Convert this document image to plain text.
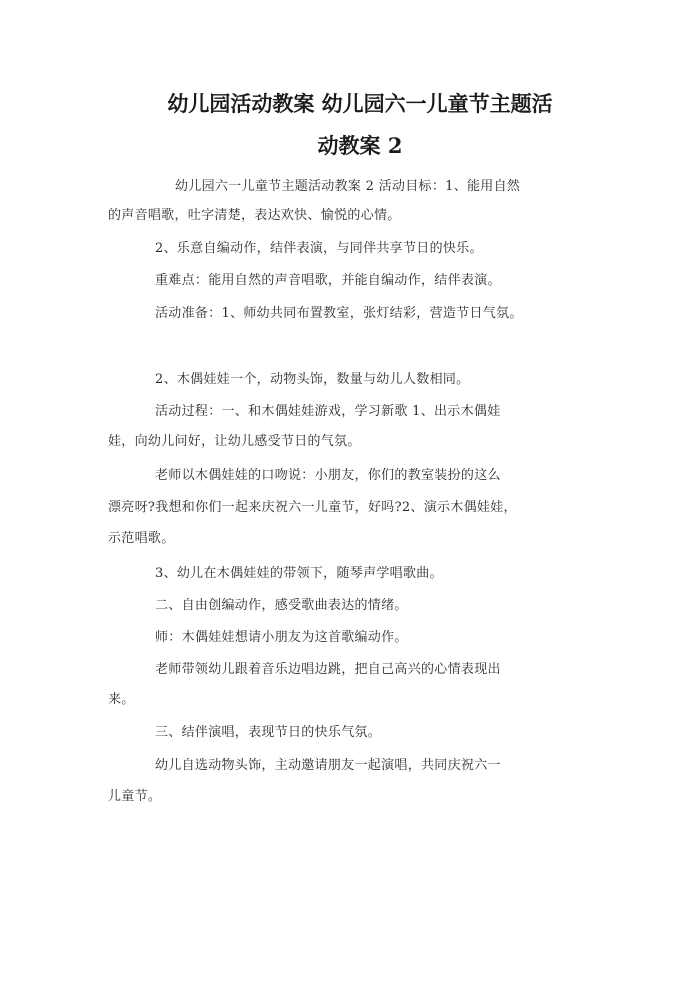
幼儿园活动教案 幼儿园六一儿童节主题活
动教案 2
幼儿园六一儿童节主题活动教案 2 活动目标：1、能用自然
的声音唱歌，吐字清楚，表达欢快、愉悦的心情。
2、乐意自编动作，结伴表演，与同伴共享节日的快乐。
重难点：能用自然的声音唱歌，并能自编动作，结伴表演。
活动准备：1、师幼共同布置教室，张灯结彩，营造节日气氛。
2、木偶娃娃一个，动物头饰，数量与幼儿人数相同。
活动过程：一、和木偶娃娃游戏，学习新歌 1、出示木偶娃
娃，向幼儿问好，让幼儿感受节日的气氛。
老师以木偶娃娃的口吻说：小朋友，你们的教室装扮的这么
漂亮呀?我想和你们一起来庆祝六一儿童节，好吗?2、演示木偶娃娃，
示范唱歌。
3、幼儿在木偶娃娃的带领下，随琴声学唱歌曲。
二、自由创编动作，感受歌曲表达的情绪。
师：木偶娃娃想请小朋友为这首歌编动作。
老师带领幼儿跟着音乐边唱边跳，把自己高兴的心情表现出
来。
三、结伴演唱，表现节日的快乐气氛。
幼儿自选动物头饰，主动邀请朋友一起演唱，共同庆祝六一
儿童节。
